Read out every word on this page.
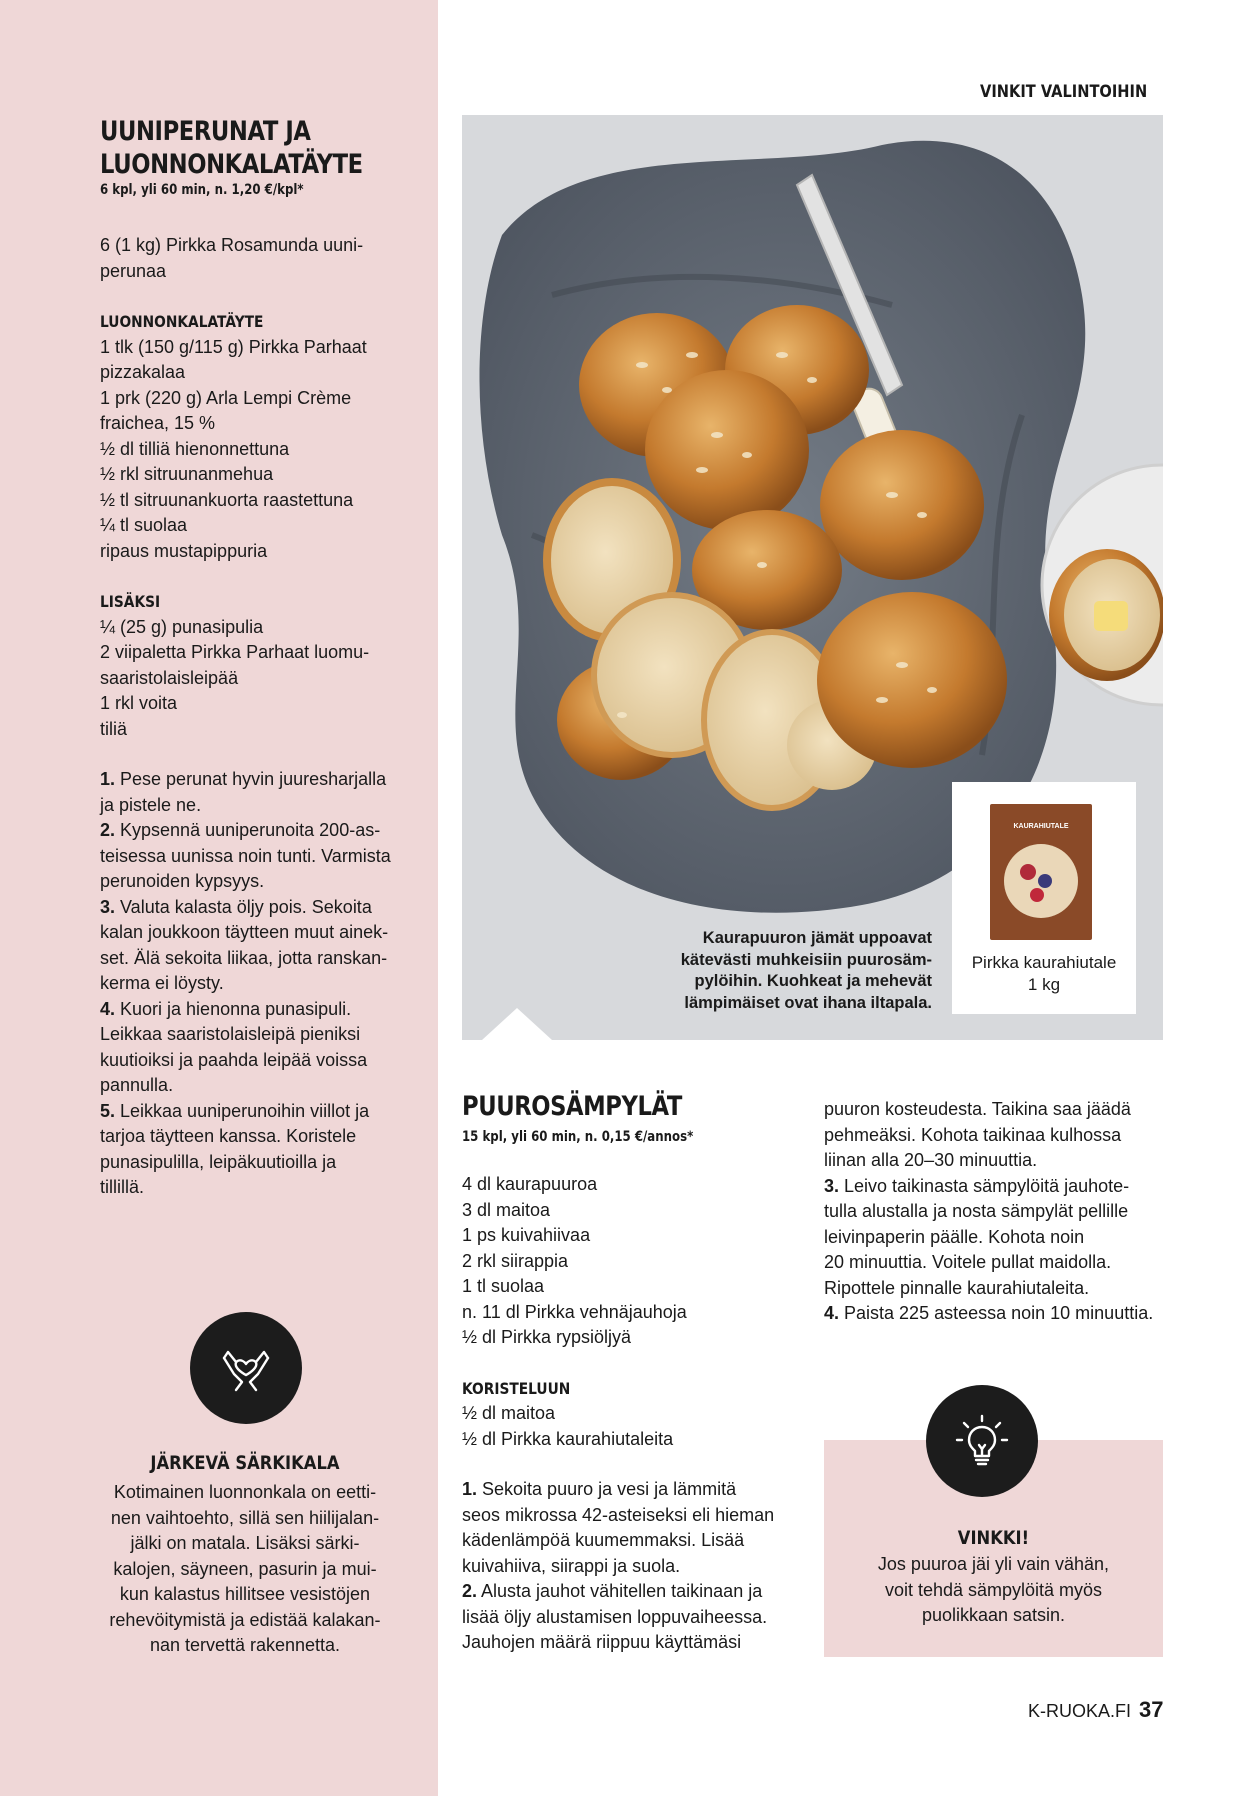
UUNIPERUNAT JA
LUONNONKALATÄYTE
6 kpl, yli 60 min, n. 1,20 €/kpl*
6 (1 kg) Pirkka Rosamunda uuni-
perunaa
LUONNONKALATÄYTE
1 tlk (150 g/115 g) Pirkka Parhaat
pizzakalaa
1 prk (220 g) Arla Lempi Crème
fraichea, 15 %
½ dl tilliä hienonnettuna
½ rkl sitruunanmehua
½ tl sitruunankuorta raastettuna
¼ tl suolaa
ripaus mustapippuria
LISÄKSI
¼ (25 g) punasipulia
2 viipaletta Pirkka Parhaat luomu-
saaristolaisleipää
1 rkl voita
tiliä
1. Pese perunat hyvin juuresharjalla
ja pistele ne.
2. Kypsennä uuniperunoita 200-as-
teisessa uunissa noin tunti. Varmista
perunoiden kypsyys.
3. Valuta kalasta öljy pois. Sekoita
kalan joukkoon täytteen muut ainek-
set. Älä sekoita liikaa, jotta ranskan-
kerma ei löysty.
4. Kuori ja hienonna punasipuli.
Leikkaa saaristolaisleipä pieniksi
kuutioiksi ja paahda leipää voissa
pannulla.
5. Leikkaa uuniperunoihin viillot ja
tarjoa täytteen kanssa. Koristele
punasipulilla, leipäkuutioilla ja
tillillä.
JÄRKEVÄ SÄRKIKALA
Kotimainen luonnonkala on eetti-
nen vaihtoehto, sillä sen hiilijalan-
jälki on matala. Lisäksi särki-
kalojen, säyneen, pasurin ja mui-
kun kalastus hillitsee vesistöjen
rehevöitymistä ja edistää kalakan-
nan tervettä rakennetta.
VINKIT VALINTOIHIN
KAURAHIUTALE
Pirkka kaurahiutale
1 kg
Kaurapuuron jämät uppoavat
kätevästi muhkeisiin puurosäm-
pylöihin. Kuohkeat ja mehevät
lämpimäiset ovat ihana iltapala.
PUUROSÄMPYLÄT
15 kpl, yli 60 min, n. 0,15 €/annos*
4 dl kaurapuuroa
3 dl maitoa
1 ps kuivahiivaa
2 rkl siirappia
1 tl suolaa
n. 11 dl Pirkka vehnäjauhoja
½ dl Pirkka rypsiöljyä
KORISTELUUN
½ dl maitoa
½ dl Pirkka kaurahiutaleita
1. Sekoita puuro ja vesi ja lämmitä
seos mikrossa 42-asteiseksi eli hieman
kädenlämpöä kuumemmaksi. Lisää
kuivahiiva, siirappi ja suola.
2. Alusta jauhot vähitellen taikinaan ja
lisää öljy alustamisen loppuvaiheessa.
Jauhojen määrä riippuu käyttämäsi
puuron kosteudesta. Taikina saa jäädä
pehmeäksi. Kohota taikinaa kulhossa
liinan alla 20–30 minuuttia.
3. Leivo taikinasta sämpylöitä jauhote-
tulla alustalla ja nosta sämpylät pellille
leivinpaperin päälle. Kohota noin
20 minuuttia. Voitele pullat maidolla.
Ripottele pinnalle kaurahiutaleita.
4. Paista 225 asteessa noin 10 minuuttia.
VINKKI!
Jos puuroa jäi yli vain vähän,
voit tehdä sämpylöitä myös
puolikkaan satsin.
K-RUOKA.FI 37
